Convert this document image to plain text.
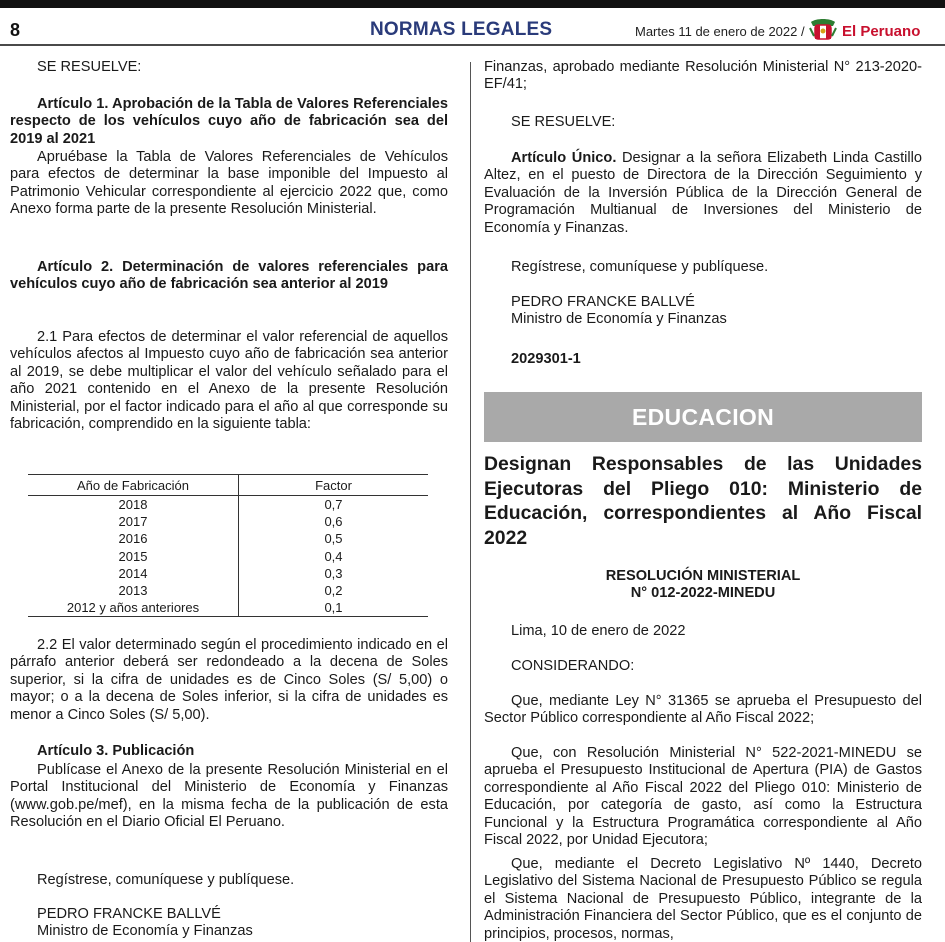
8	NORMAS LEGALES	Martes 11 de enero de 2022 / El Peruano

SE RESUELVE:

Artículo 1. Aprobación de la Tabla de Valores Referenciales respecto de los vehículos cuyo año de fabricación sea del 2019 al 2021

Apruébase la Tabla de Valores Referenciales de Vehículos para efectos de determinar la base imponible del Impuesto al Patrimonio Vehicular correspondiente al ejercicio 2022 que, como Anexo forma parte de la presente Resolución Ministerial.

Artículo 2. Determinación de valores referenciales para vehículos cuyo año de fabricación sea anterior al 2019

2.1 Para efectos de determinar el valor referencial de aquellos vehículos afectos al Impuesto cuyo año de fabricación sea anterior al 2019, se debe multiplicar el valor del vehículo señalado para el año 2021 contenido en el Anexo de la presente Resolución Ministerial, por el factor indicado para el año al que corresponde su fabricación, comprendido en la siguiente tabla:

Año de Fabricación	Factor
2018	0,7
2017	0,6
2016	0,5
2015	0,4
2014	0,3
2013	0,2
2012 y años anteriores	0,1

2.2 El valor determinado según el procedimiento indicado en el párrafo anterior deberá ser redondeado a la decena de Soles superior, si la cifra de unidades es de Cinco Soles (S/ 5,00) o mayor; o a la decena de Soles inferior, si la cifra de unidades es menor a Cinco Soles (S/ 5,00).

Artículo 3. Publicación

Publícase el Anexo de la presente Resolución Ministerial en el Portal Institucional del Ministerio de Economía y Finanzas (www.gob.pe/mef), en la misma fecha de la publicación de esta Resolución en el Diario Oficial El Peruano.

Regístrese, comuníquese y publíquese.

PEDRO FRANCKE BALLVÉ

Ministro de Economía y Finanzas

Finanzas, aprobado mediante Resolución Ministerial N° 213-2020-EF/41;

SE RESUELVE:

Artículo Único. Designar a la señora Elizabeth Linda Castillo Altez, en el puesto de Directora de la Dirección Seguimiento y Evaluación de la Inversión Pública de la Dirección General de Programación Multianual de Inversiones del Ministerio de Economía y Finanzas.

Regístrese, comuníquese y publíquese.

PEDRO FRANCKE BALLVÉ

Ministro de Economía y Finanzas

2029301-1

EDUCACION
Designan Responsables de las Unidades Ejecutoras del Pliego 010: Ministerio de Educación, correspondientes al Año Fiscal 2022

RESOLUCIÓN MINISTERIAL

N° 012-2022-MINEDU

Lima, 10 de enero de 2022

CONSIDERANDO:

Que, mediante Ley N° 31365 se aprueba el Presupuesto del Sector Público correspondiente al Año Fiscal 2022;

Que, con Resolución Ministerial N° 522-2021-MINEDU se aprueba el Presupuesto Institucional de Apertura (PIA) de Gastos correspondiente al Año Fiscal 2022 del Pliego 010: Ministerio de Educación, por categoría de gasto, así como la Estructura Funcional y la Estructura Programática correspondiente al Año Fiscal 2022, por Unidad Ejecutora;

Que, mediante el Decreto Legislativo Nº 1440, Decreto Legislativo del Sistema Nacional de Presupuesto Público se regula el Sistema Nacional de Presupuesto Público, integrante de la Administración Financiera del Sector Público, que es el conjunto de principios, procesos, normas,
